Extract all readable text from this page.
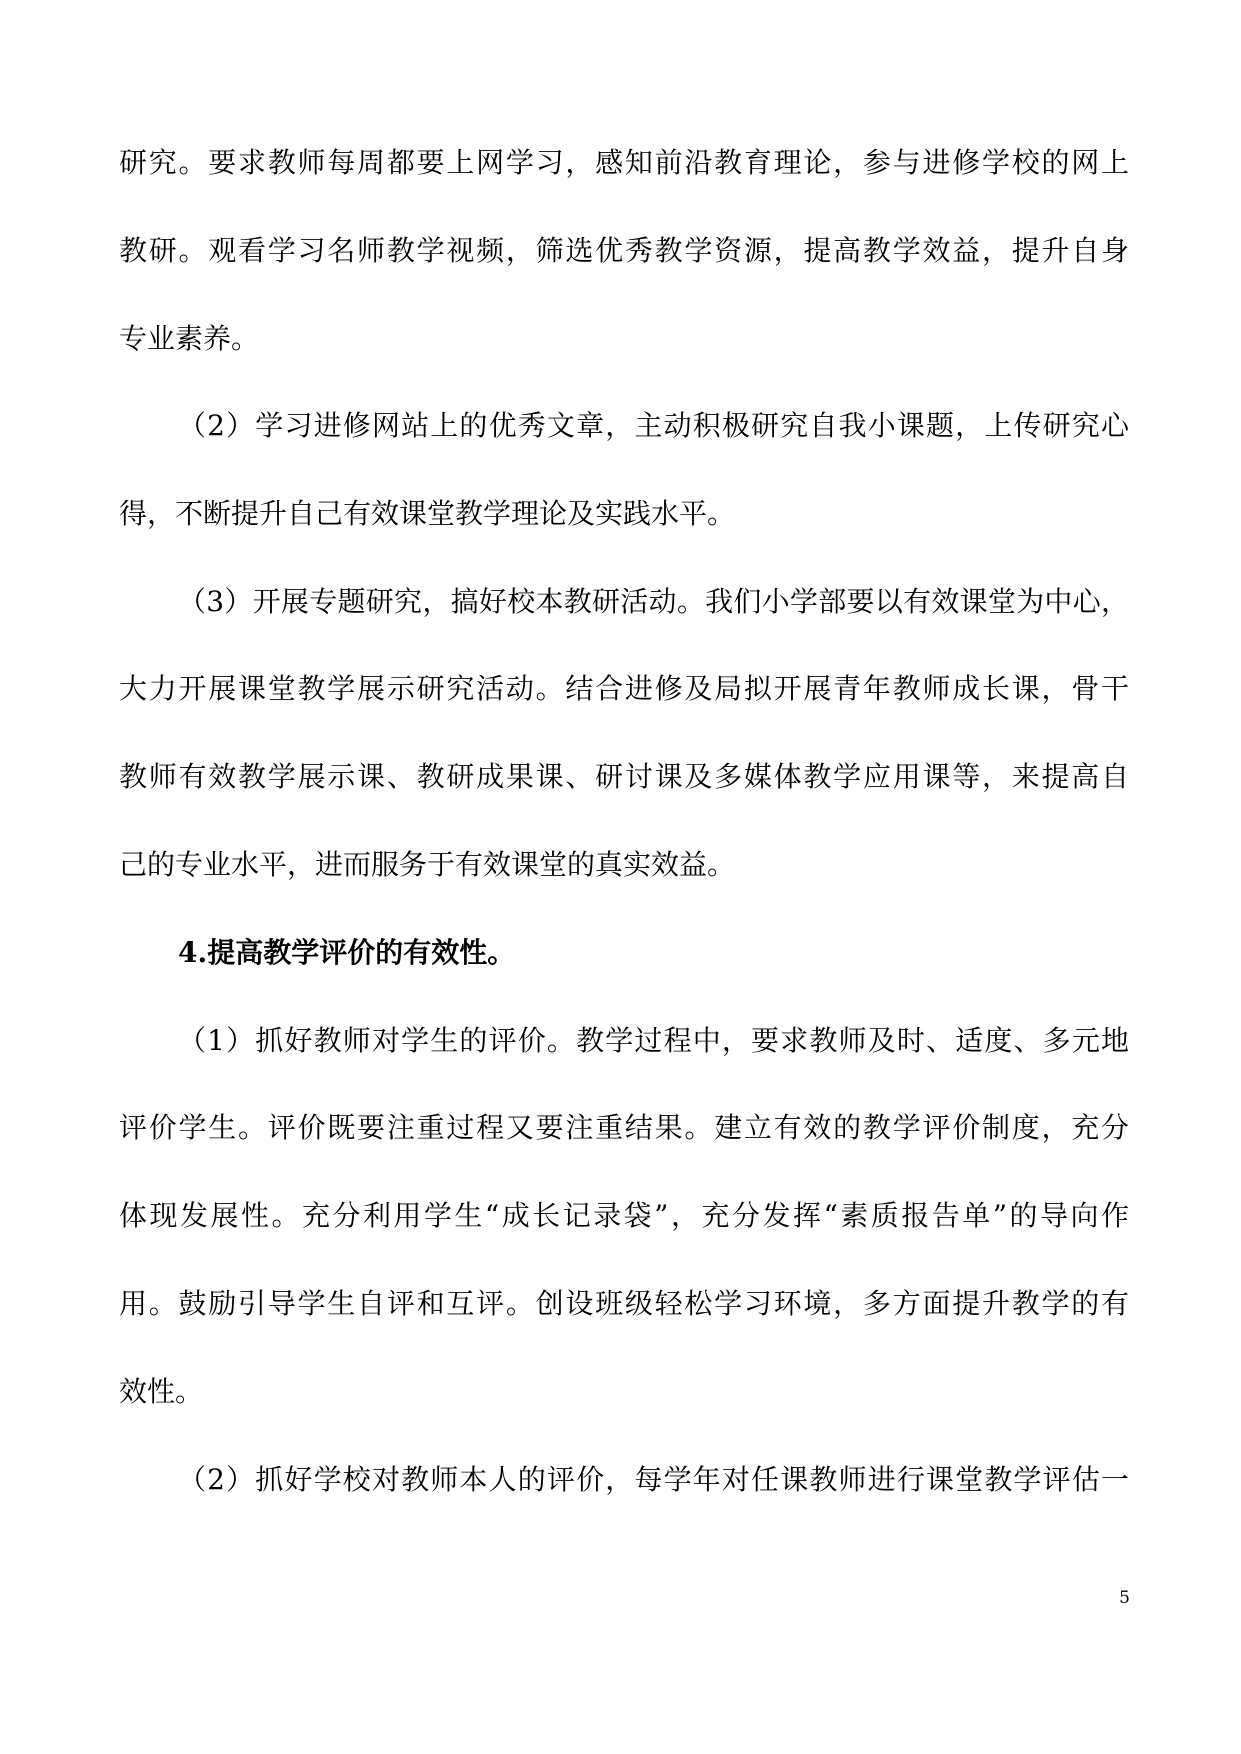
研究。要求教师每周都要上网学习，感知前沿教育理论，参与进修学校的网上
教研。观看学习名师教学视频，筛选优秀教学资源，提高教学效益，提升自身
专业素养。
（2）学习进修网站上的优秀文章，主动积极研究自我小课题，上传研究心
得，不断提升自己有效课堂教学理论及实践水平。
（3）开展专题研究，搞好校本教研活动。我们小学部要以有效课堂为中心，
大力开展课堂教学展示研究活动。结合进修及局拟开展青年教师成长课，骨干
教师有效教学展示课、教研成果课、研讨课及多媒体教学应用课等，来提高自
己的专业水平，进而服务于有效课堂的真实效益。
4.提高教学评价的有效性。
（1）抓好教师对学生的评价。教学过程中，要求教师及时、适度、多元地
评价学生。评价既要注重过程又要注重结果。建立有效的教学评价制度，充分
体现发展性。充分利用学生“成长记录袋”，充分发挥“素质报告单”的导向作
用。鼓励引导学生自评和互评。创设班级轻松学习环境，多方面提升教学的有
效性。
（2）抓好学校对教师本人的评价，每学年对任课教师进行课堂教学评估一
5
